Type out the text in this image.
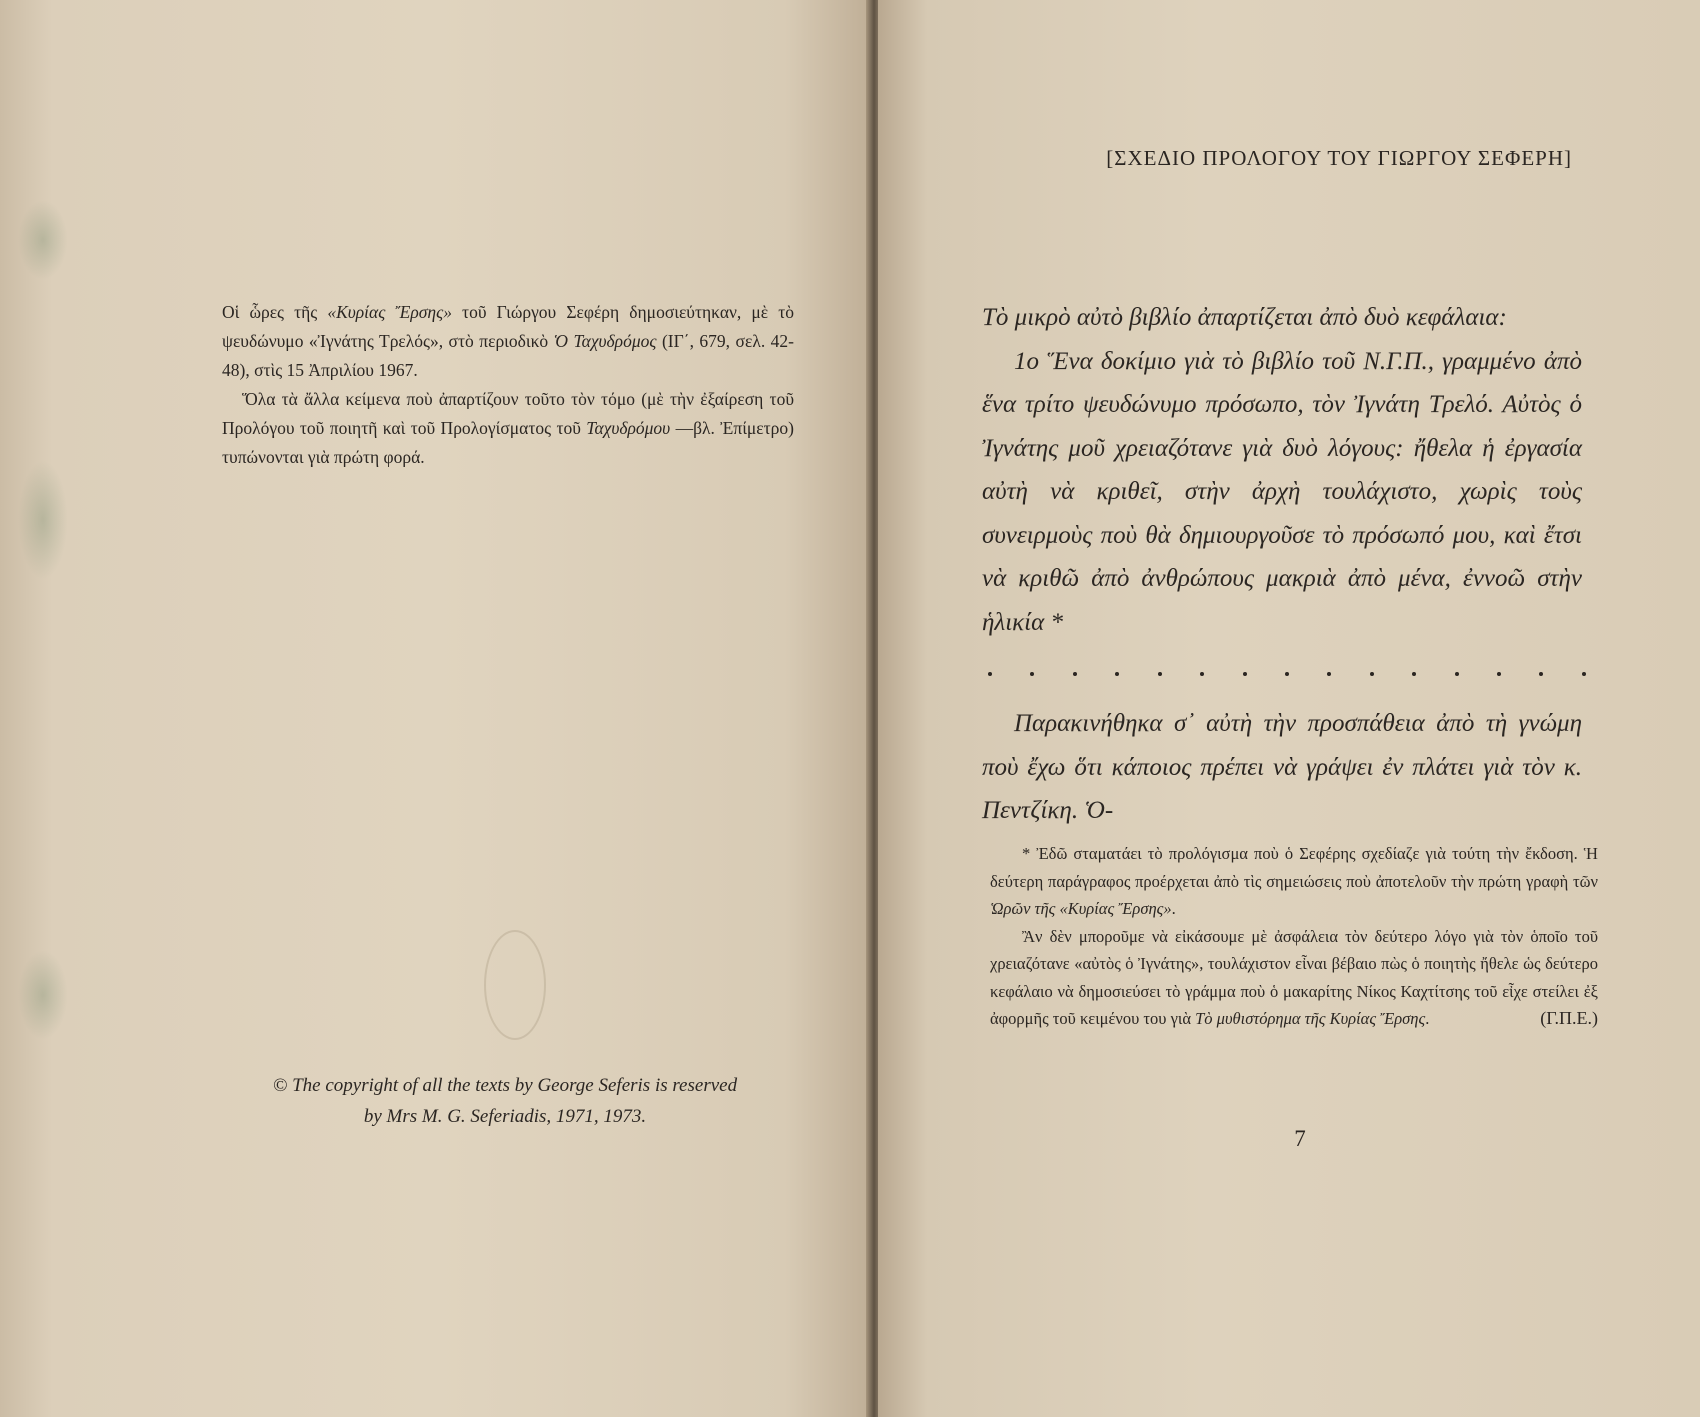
Οἱ ὧρες τῆς «Κυρίας Ἔρσης» τοῦ Γιώργου Σεφέρη δημοσιεύτηκαν, μὲ τὸ ψευδώνυμο «Ἰγνάτης Τρελός», στὸ περιοδικὸ Ὁ Ταχυδρόμος (ΙΓ΄, 679, σελ. 42-48), στὶς 15 Ἀπριλίου 1967.

Ὅλα τὰ ἄλλα κείμενα ποὺ ἀπαρτίζουν τοῦτο τὸν τόμο (μὲ τὴν ἐξαίρεση τοῦ Προλόγου τοῦ ποιητῆ καὶ τοῦ Προλογίσματος τοῦ Ταχυδρόμου —βλ. Ἐπίμετρο) τυπώνονται γιὰ πρώτη φορά.

© The copyright of all the texts by George Seferis is reserved
by Mrs M. G. Seferiadis, 1971, 1973.
[ΣΧΕΔΙΟ ΠΡΟΛΟΓΟΥ ΤΟΥ ΓΙΩΡΓΟΥ ΣΕΦΕΡΗ]

Τὸ μικρὸ αὐτὸ βιβλίο ἀπαρτίζεται ἀπὸ δυὸ κεφάλαια:

1ο Ἕνα δοκίμιο γιὰ τὸ βιβλίο τοῦ Ν.Γ.Π., γραμμένο ἀπὸ ἕνα τρίτο ψευδώνυμο πρόσωπο, τὸν Ἰγνάτη Τρελό. Αὐτὸς ὁ Ἰγνάτης μοῦ χρειαζότανε γιὰ δυὸ λόγους: ἤθελα ἡ ἐργασία αὐτὴ νὰ κριθεῖ, στὴν ἀρχὴ τουλάχιστο, χωρὶς τοὺς συνειρμοὺς ποὺ θὰ δημιουργοῦσε τὸ πρόσωπό μου, καὶ ἔτσι νὰ κριθῶ ἀπὸ ἀνθρώπους μακριὰ ἀπὸ μένα, ἐννοῶ στὴν ἡλικία *

Παρακινήθηκα σ᾿ αὐτὴ τὴν προσπάθεια ἀπὸ τὴ γνώμη ποὺ ἔχω ὅτι κάποιος πρέπει νὰ γράψει ἐν πλάτει γιὰ τὸν κ. Πεντζίκη. Ὁ-

* Ἐδῶ σταματάει τὸ προλόγισμα ποὺ ὁ Σεφέρης σχεδίαζε γιὰ τούτη τὴν ἔκδοση. Ἡ δεύτερη παράγραφος προέρχεται ἀπὸ τὶς σημειώσεις ποὺ ἀποτελοῦν τὴν πρώτη γραφὴ τῶν Ὡρῶν τῆς «Κυρίας Ἔρσης».

Ἂν δὲν μποροῦμε νὰ εἰκάσουμε μὲ ἀσφάλεια τὸν δεύτερο λόγο γιὰ τὸν ὁποῖο τοῦ χρειαζότανε «αὐτὸς ὁ Ἰγνάτης», τουλάχιστον εἶναι βέβαιο πὼς ὁ ποιητὴς ἤθελε ὡς δεύτερο κεφάλαιο νὰ δημοσιεύσει τὸ γράμμα ποὺ ὁ μακαρίτης Νίκος Καχτίτσης τοῦ εἶχε στείλει ἐξ ἀφορμῆς τοῦ κειμένου του γιὰ Τὸ μυθιστόρημα τῆς Κυρίας Ἔρσης.	(Γ.Π.Ε.)

7
